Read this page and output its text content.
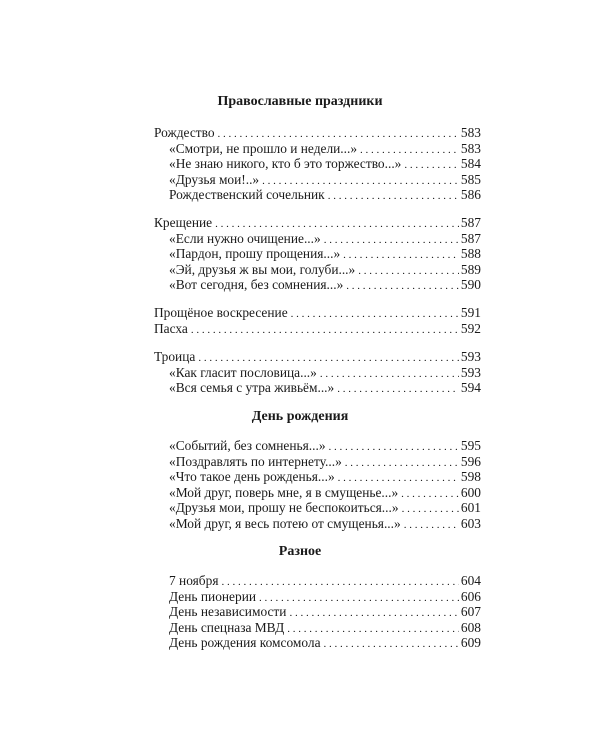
Православные праздники
Рождество . . .	583
«Смотри, не прошло и недели...» . . .	583
«Не знаю никого, кто б это торжество...» . . .	584
«Друзья мои!..» . . .	585
Рождественский сочельник . . .	586
Крещение . . .	587
«Если нужно очищение...» . . .	587
«Пардон, прошу прощения...» . . .	588
«Эй, друзья ж вы мои, голуби...» . . .	589
«Вот сегодня, без сомнения...» . . .	590
Прощёное воскресение . . .	591
Пасха . . .	592
Троица . . .	593
«Как гласит пословица...» . . .	593
«Вся семья с утра живьём...» . . .	594
День рождения
«Событий, без сомненья...» . . .	595
«Поздравлять по интернету...» . . .	596
«Что такое день рожденья...» . . .	598
«Мой друг, поверь мне, я в смущенье...» . . .	600
«Друзья мои, прошу не беспокоиться...» . . .	601
«Мой друг, я весь потею от смущенья...» . . .	603
Разное
7 ноября . . .	604
День пионерии . . .	606
День независимости . . .	607
День спецназа МВД . . .	608
День рождения комсомола . . .	609
